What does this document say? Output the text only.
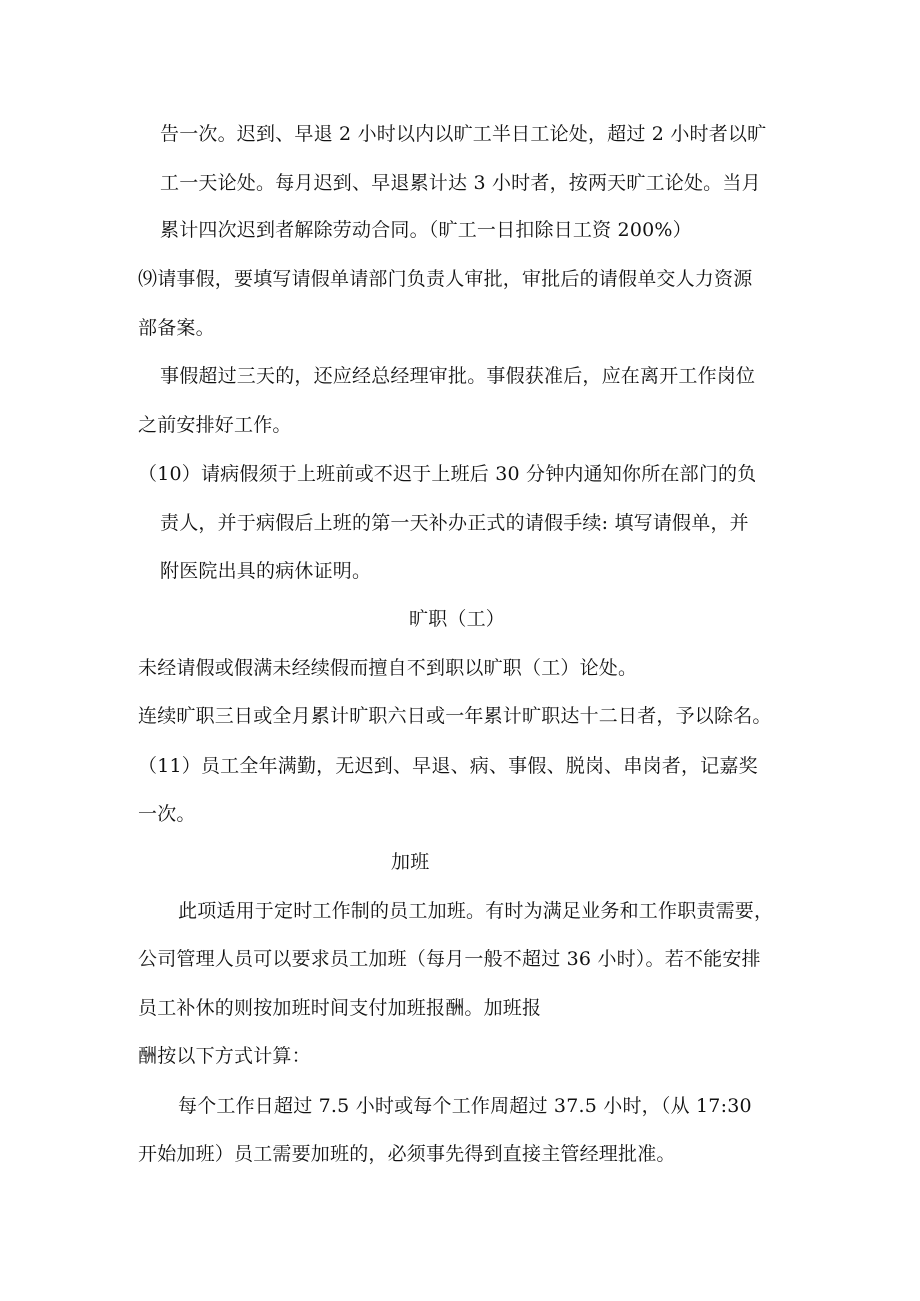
告一次。迟到、早退 2 小时以内以旷工半日工论处，超过 2 小时者以旷
工一天论处。每月迟到、早退累计达 3 小时者，按两天旷工论处。当月
累计四次迟到者解除劳动合同。（旷工一日扣除日工资 200%）
⑼请事假，要填写请假单请部门负责人审批，审批后的请假单交人力资源
部备案。
事假超过三天的，还应经总经理审批。事假获准后，应在离开工作岗位
之前安排好工作。
（10）请病假须于上班前或不迟于上班后 30 分钟内通知你所在部门的负
责人，并于病假后上班的第一天补办正式的请假手续: 填写请假单，并
附医院出具的病休证明。
旷职（工）
未经请假或假满未经续假而擅自不到职以旷职（工）论处。
连续旷职三日或全月累计旷职六日或一年累计旷职达十二日者，予以除名。
（11）员工全年满勤，无迟到、早退、病、事假、脱岗、串岗者，记嘉奖
一次。
加班
此项适用于定时工作制的员工加班。有时为满足业务和工作职责需要，
公司管理人员可以要求员工加班（每月一般不超过 36 小时）。若不能安排
员工补休的则按加班时间支付加班报酬。加班报
酬按以下方式计算：
每个工作日超过 7.5 小时或每个工作周超过 37.5 小时，（从 17:30
开始加班）员工需要加班的，必须事先得到直接主管经理批准。
